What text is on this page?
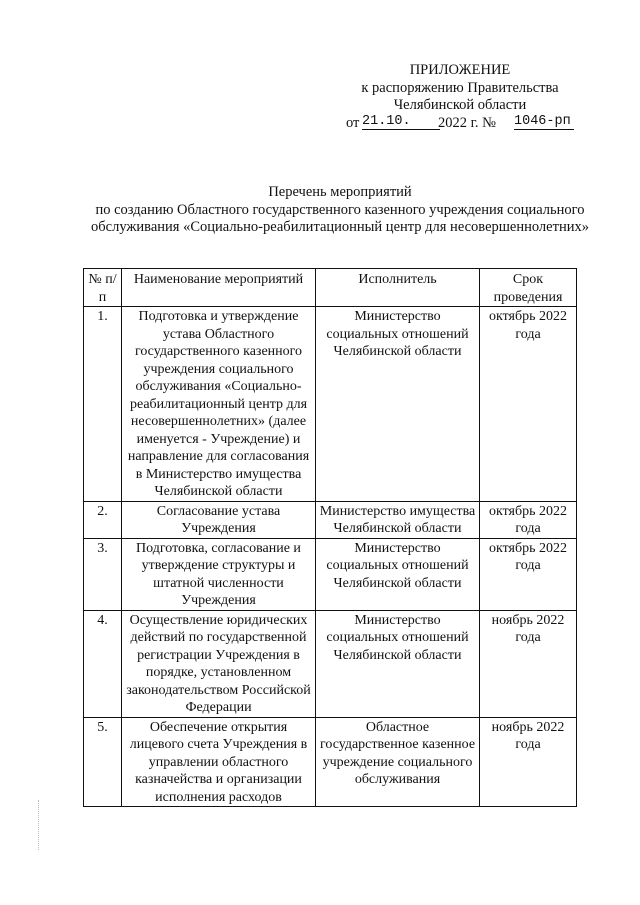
ПРИЛОЖЕНИЕ
к распоряжению Правительства
Челябинской области
от 21.10.	2022 г. № 1046-рп
Перечень мероприятий
по созданию Областного государственного казенного учреждения социального
обслуживания «Социально-реабилитационный центр для несовершеннолетних»
№ п/п	Наименование мероприятий	Исполнитель	Срок проведения
1.	Подготовка и утверждение устава Областного государственного казенного учреждения социального обслуживания «Социально-реабилитационный центр для несовершеннолетних» (далее именуется - Учреждение) и направление для согласования в Министерство имущества Челябинской области	Министерство социальных отношений Челябинской области	октябрь 2022 года
2.	Согласование устава Учреждения	Министерство имущества Челябинской области	октябрь 2022 года
3.	Подготовка, согласование и утверждение структуры и штатной численности Учреждения	Министерство социальных отношений Челябинской области	октябрь 2022 года
4.	Осуществление юридических действий по государственной регистрации Учреждения в порядке, установленном законодательством Российской Федерации	Министерство социальных отношений Челябинской области	ноябрь 2022 года
5.	Обеспечение открытия лицевого счета Учреждения в управлении областного казначейства и организации исполнения расходов	Областное государственное казенное учреждение социального обслуживания	ноябрь 2022 года
